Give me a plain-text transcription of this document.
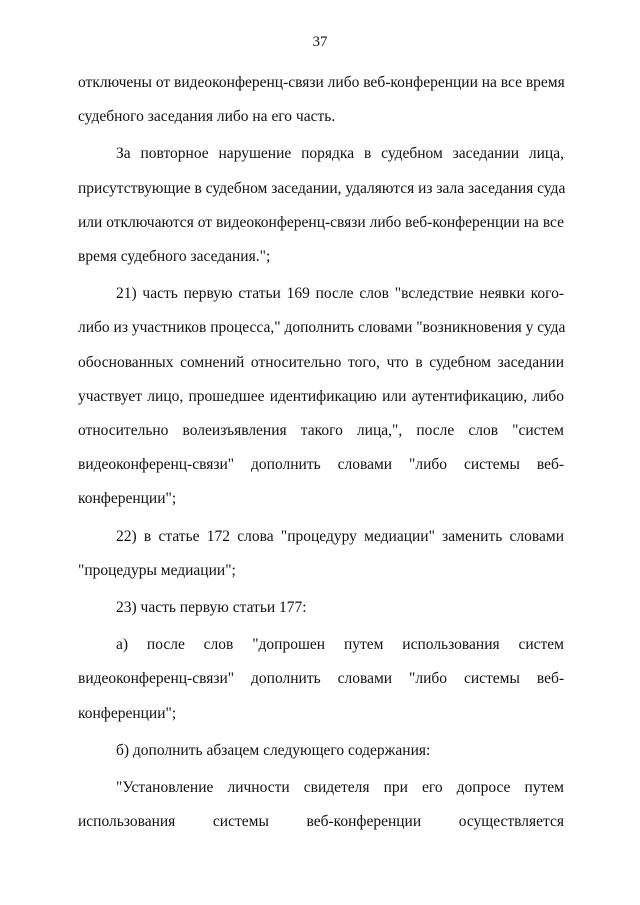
37
отключены от видеоконференц-связи либо веб-конференции на все время
судебного заседания либо на его часть.
За повторное нарушение порядка в судебном заседании лица,
присутствующие в судебном заседании, удаляются из зала заседания суда
или отключаются от видеоконференц-связи либо веб-конференции на все
время судебного заседания.";
21) часть первую статьи 169 после слов "вследствие неявки кого-
либо из участников процесса," дополнить словами "возникновения у суда
обоснованных сомнений относительно того, что в судебном заседании
участвует лицо, прошедшее идентификацию или аутентификацию, либо
относительно волеизъявления такого лица,", после слов "систем
видеоконференц-связи" дополнить словами "либо системы веб-
конференции";
22) в статье 172 слова "процедуру медиации" заменить словами
"процедуры медиации";
23) часть первую статьи 177:
а) после слов "допрошен путем использования систем
видеоконференц-связи" дополнить словами "либо системы веб-
конференции";
б) дополнить абзацем следующего содержания:
"Установление личности свидетеля при его допросе путем
использования системы веб-конференции осуществляется
